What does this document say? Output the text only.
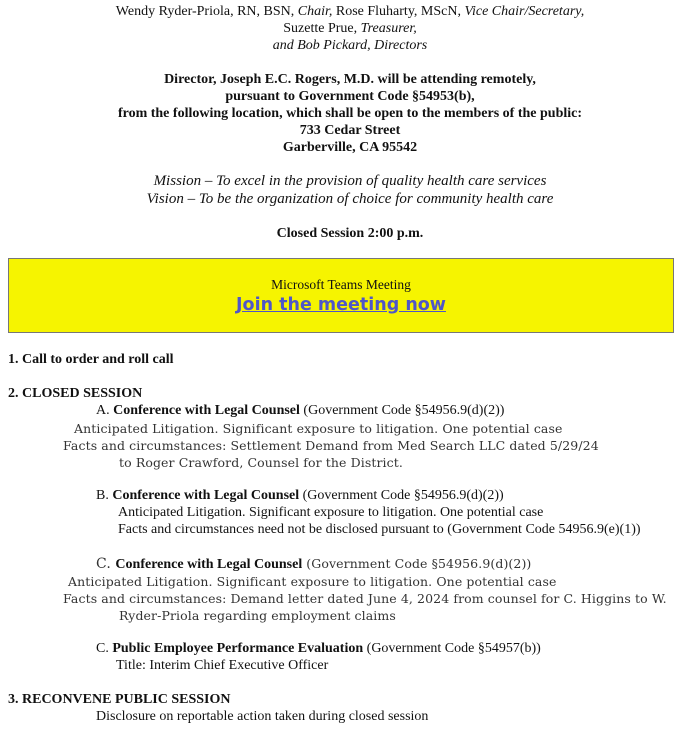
Wendy Ryder-Priola, RN, BSN, Chair, Rose Fluharty, MScN, Vice Chair/Secretary,
Suzette Prue, Treasurer,
and Bob Pickard, Directors
Director, Joseph E.C. Rogers, M.D. will be attending remotely,
pursuant to Government Code §54953(b),
from the following location, which shall be open to the members of the public:
733 Cedar Street
Garberville, CA 95542
Mission – To excel in the provision of quality health care services
Vision – To be the organization of choice for community health care
Closed Session 2:00 p.m.
Microsoft Teams Meeting
Join the meeting now
1. Call to order and roll call
2. CLOSED SESSION
A. Conference with Legal Counsel (Government Code §54956.9(d)(2))
Anticipated Litigation. Significant exposure to litigation. One potential case
Facts and circumstances: Settlement Demand from Med Search LLC dated 5/29/24
to Roger Crawford, Counsel for the District.
B. Conference with Legal Counsel (Government Code §54956.9(d)(2))
Anticipated Litigation. Significant exposure to litigation. One potential case
Facts and circumstances need not be disclosed pursuant to (Government Code 54956.9(e)(1))
C. Conference with Legal Counsel (Government Code §54956.9(d)(2))
Anticipated Litigation. Significant exposure to litigation. One potential case
Facts and circumstances: Demand letter dated June 4, 2024 from counsel for C. Higgins to W.
Ryder-Priola regarding employment claims
C. Public Employee Performance Evaluation (Government Code §54957(b))
Title: Interim Chief Executive Officer
3. RECONVENE PUBLIC SESSION
Disclosure on reportable action taken during closed session
